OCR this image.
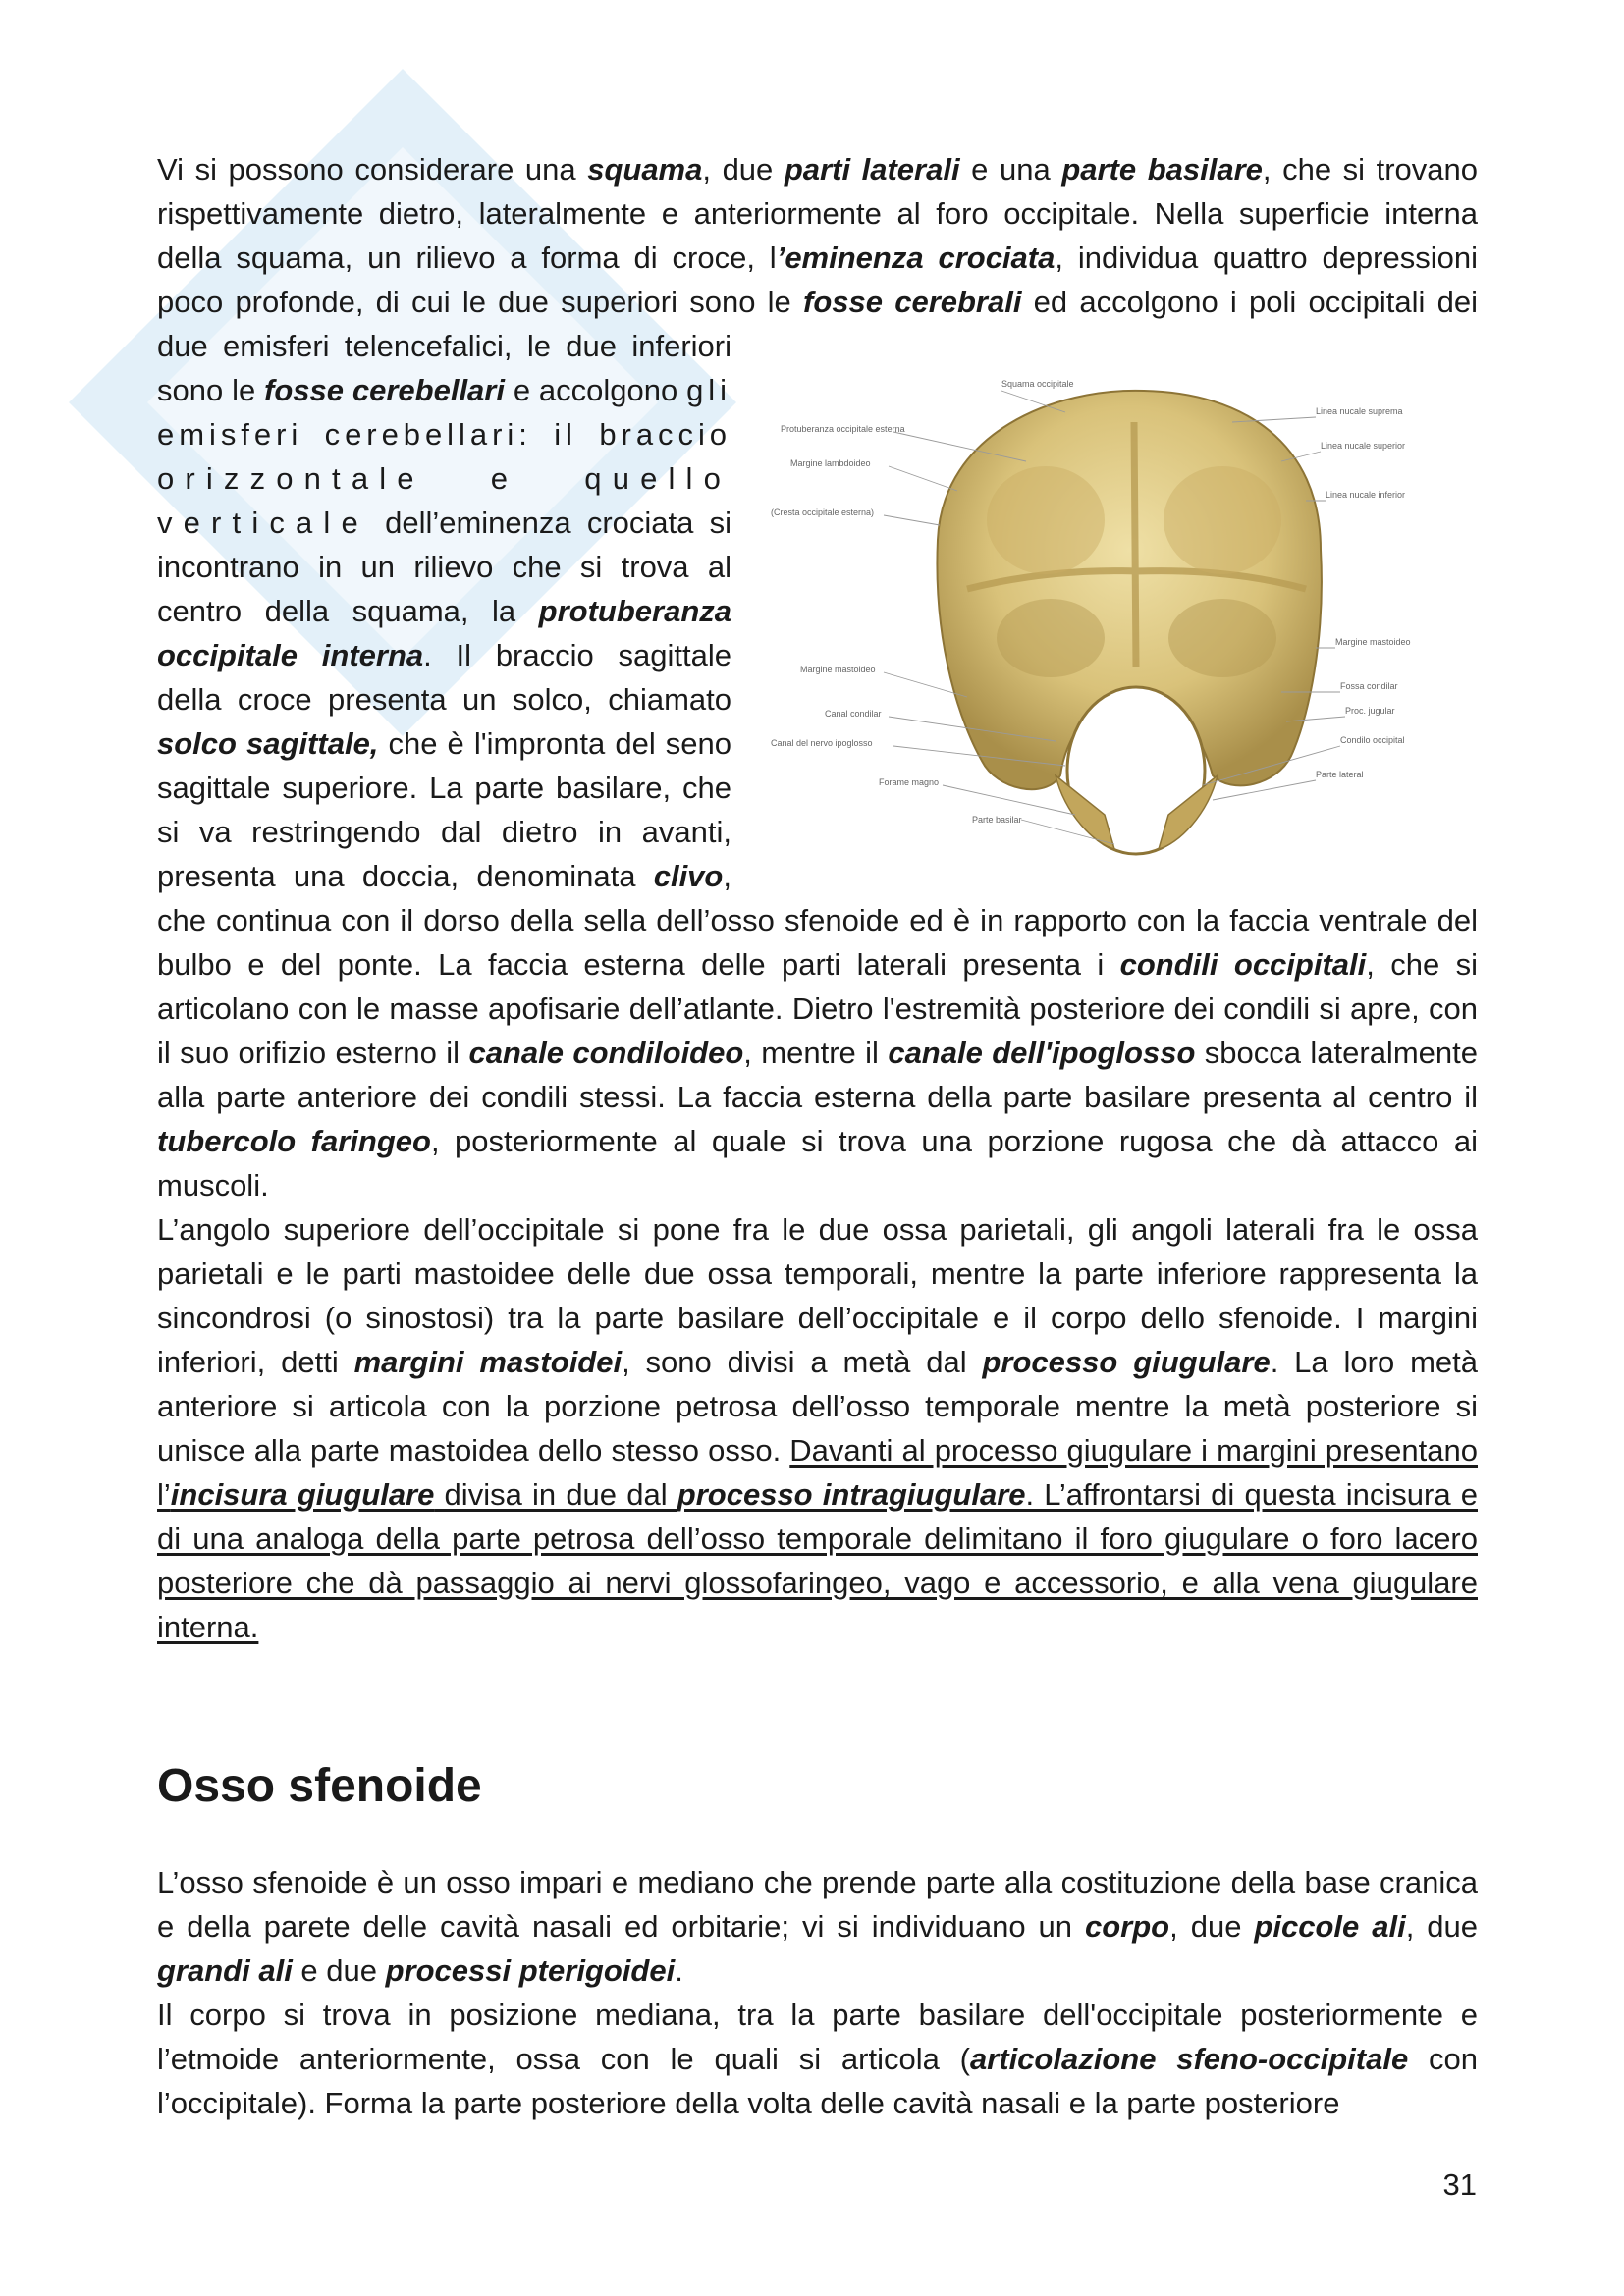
Vi si possono considerare una squama, due parti laterali e una parte basilare, che si trovano rispettivamente dietro, lateralmente e anteriormente al foro occipitale. Nella superficie interna della squama, un rilievo a forma di croce, l’eminenza crociata, individua quattro depressioni poco profonde, di cui le due superiori sono le fosse cerebrali
Squama occipitale
Protuberanza occipitale esterna
Margine lambdoideo
(Cresta occipitale esterna)
Linea nucale suprema
Linea nucale superior
Linea nucale inferior
Margine mastoideo
Margine mastoideo
Fossa condilar
Proc. jugular
Canal condilar
Canal del nervo ipoglosso	Condilo occipital
Forame magno
Parte lateral
Parte basilar
ed accolgono i poli occipitali dei due emisferi telencefalici, le due inferiori sono le fosse cerebellari e accolgono gli emisferi cerebellari: il braccio orizzontale e quello verticale dell’eminenza crociata si incontrano in un rilievo che si trova al centro della squama, la protuberanza occipitale interna. Il braccio sagittale della croce presenta un solco, chiamato solco sagittale, che è l'impronta del seno sagittale superiore. La parte basilare, che si va restringendo dal dietro in avanti, presenta una doccia, denominata clivo, che continua con il dorso della sella dell’osso sfenoide ed è in rapporto con la faccia ventrale del bulbo e del ponte. La faccia esterna delle parti laterali presenta i condili occipitali, che si articolano con le masse apofisarie dell’atlante. Dietro l'estremità posteriore dei condili si apre, con il suo orifizio esterno il canale condiloideo, mentre il canale dell'ipoglosso sbocca lateralmente alla parte anteriore dei condili stessi. La faccia esterna della parte basilare presenta al centro il tubercolo faringeo, posteriormente al quale si trova una porzione rugosa che dà attacco ai muscoli.

L’angolo superiore dell’occipitale si pone fra le due ossa parietali, gli angoli laterali fra le ossa parietali e le parti mastoidee delle due ossa temporali, mentre la parte inferiore rappresenta la sincondrosi (o sinostosi) tra la parte basilare dell’occipitale e il corpo dello sfenoide. I margini inferiori, detti margini mastoidei, sono divisi a metà dal processo giugulare. La loro metà anteriore si articola con la porzione petrosa dell’osso temporale mentre la metà posteriore si unisce alla parte mastoidea dello stesso osso. Davanti al processo giugulare i margini presentano l’incisura giugulare divisa in due dal processo intragiugulare. L’affrontarsi di questa incisura e di una analoga della parte petrosa dell’osso temporale delimitano il foro giugulare o foro lacero posteriore che dà passaggio ai nervi glossofaringeo, vago e accessorio, e alla vena giugulare interna.

Osso sfenoide

L’osso sfenoide è un osso impari e mediano che prende parte alla costituzione della base cranica e della parete delle cavità nasali ed orbitarie; vi si individuano un corpo, due piccole ali, due grandi ali e due processi pterigoidei.

Il corpo si trova in posizione mediana, tra la parte basilare dell'occipitale posteriormente e l’etmoide anteriormente, ossa con le quali si articola (articolazione sfeno-occipitale con l’occipitale). Forma la parte posteriore della volta delle cavità nasali e la parte posteriore

31
